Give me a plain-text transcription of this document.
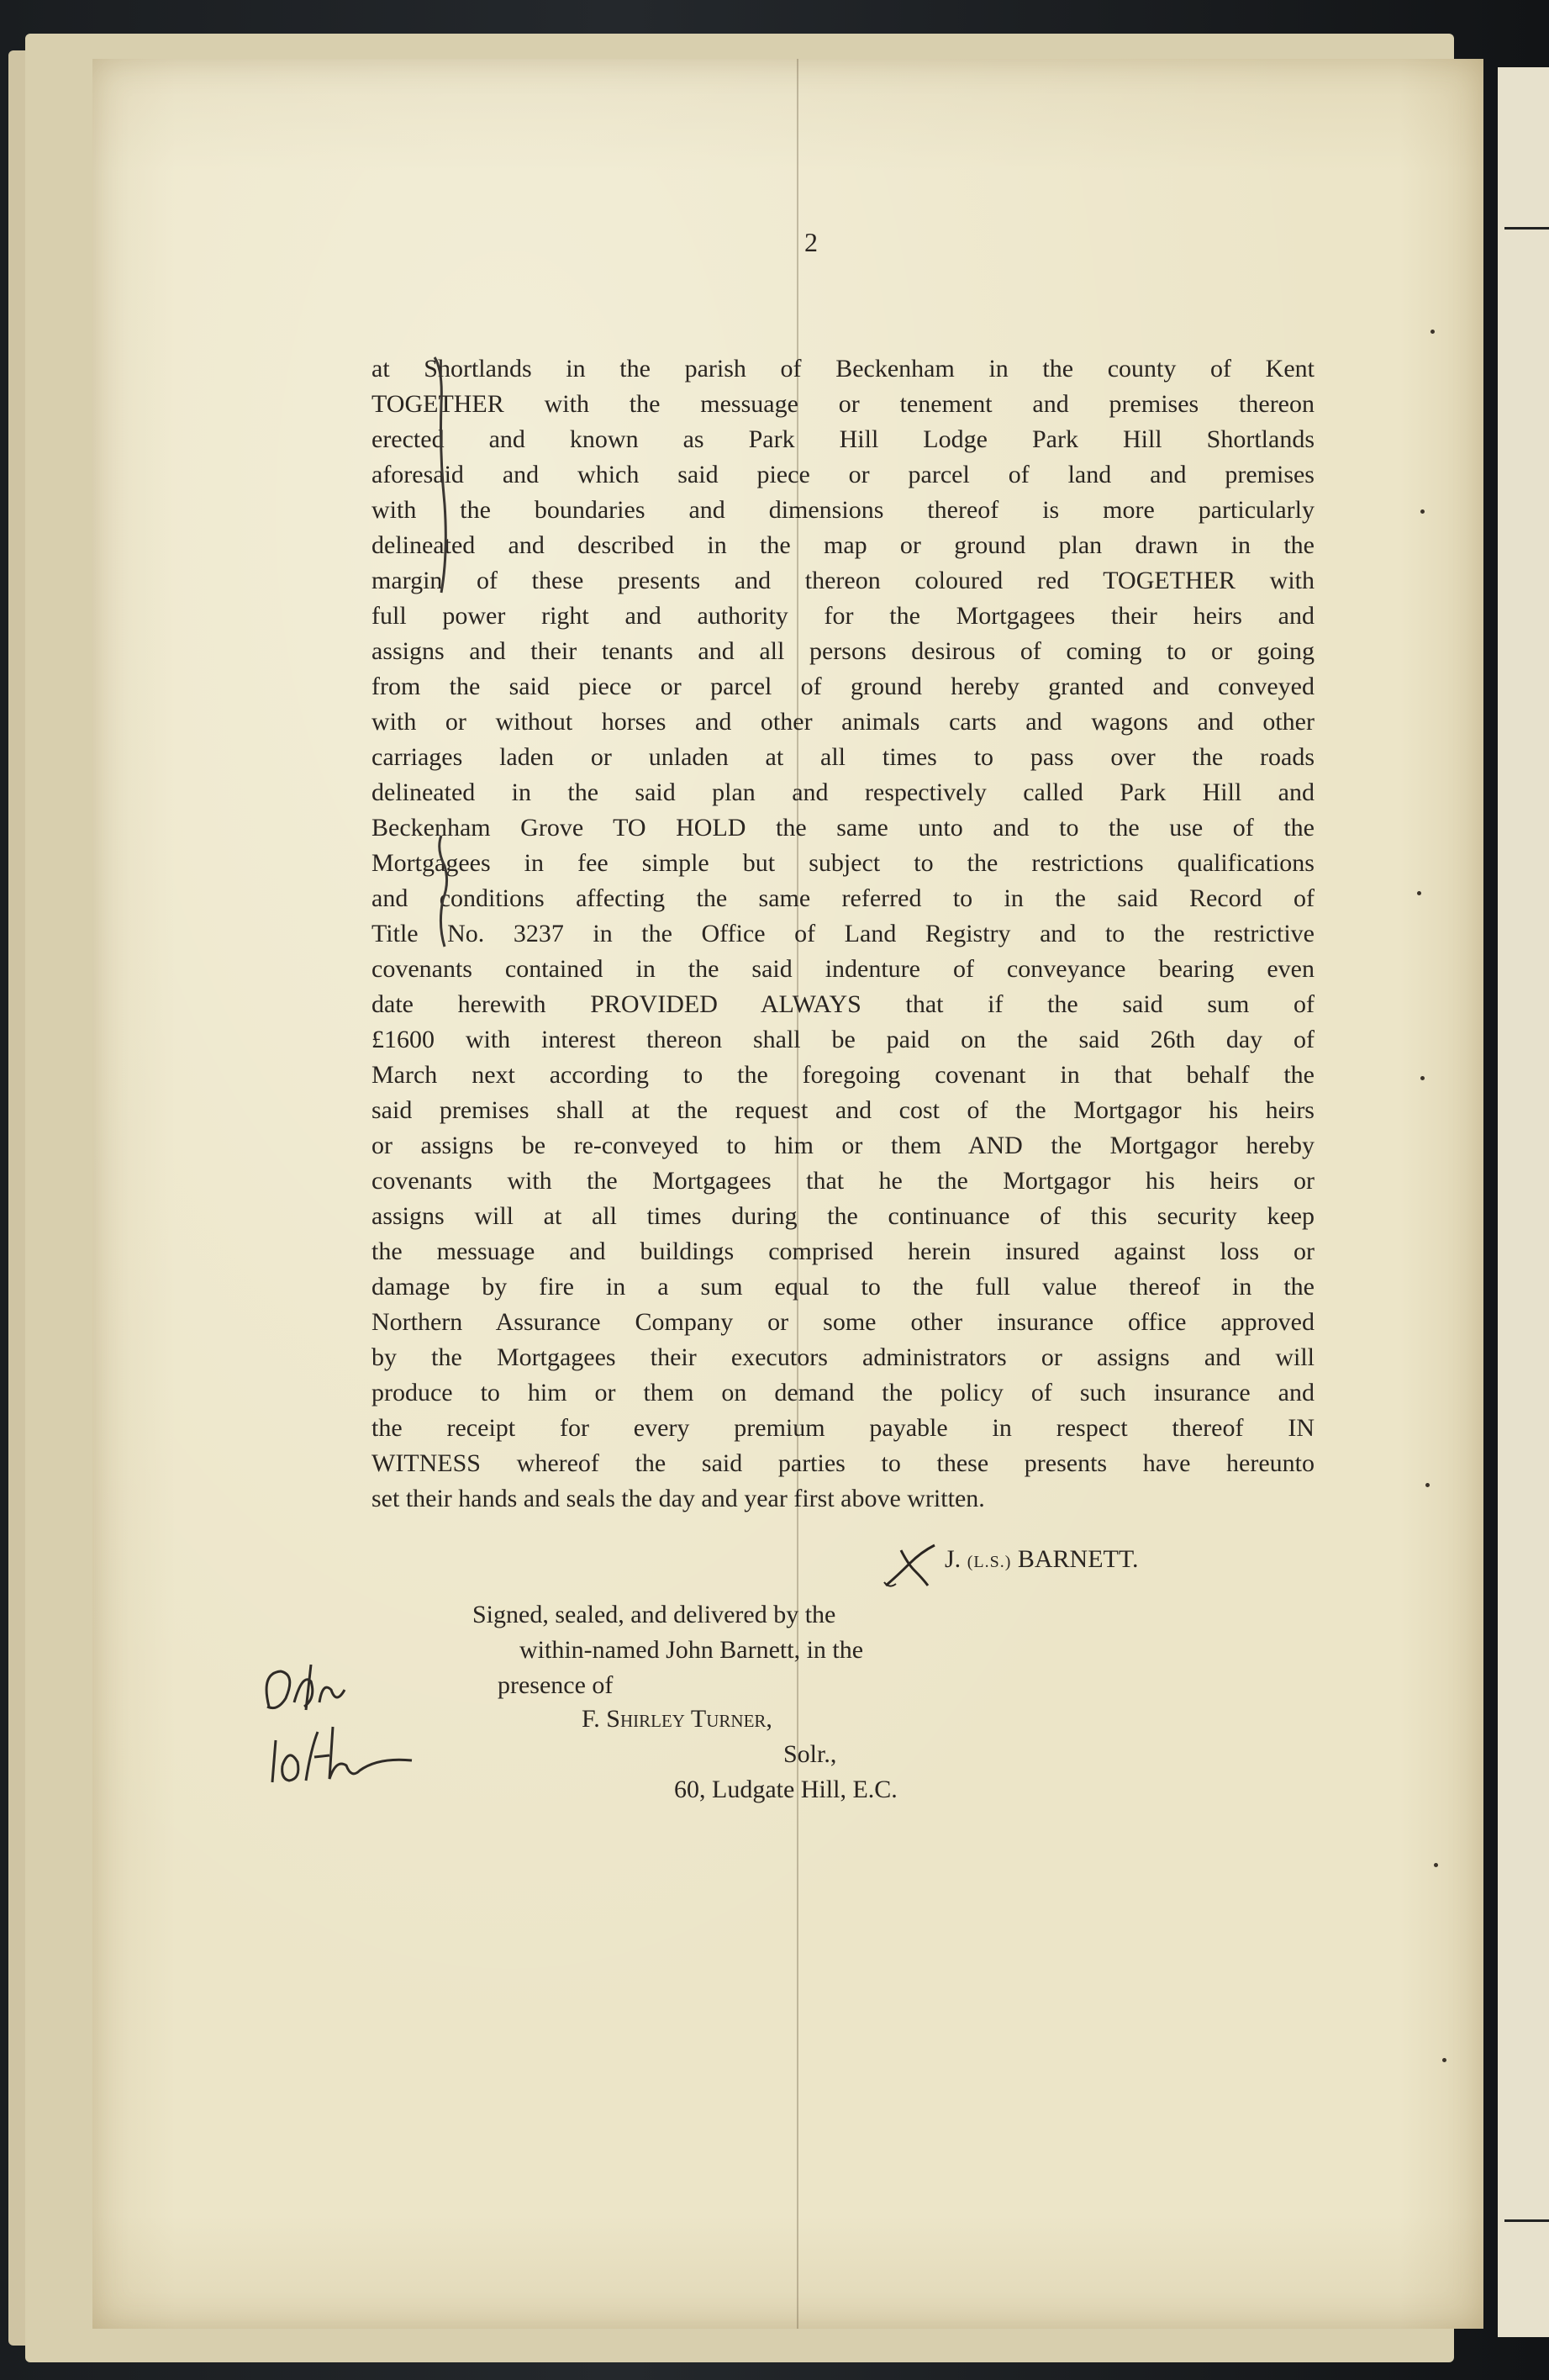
2
at Shortlands in the parish of Beckenham in the county of Kent
TOGETHER with the messuage or tenement and premises thereon
erected and known as Park Hill Lodge Park Hill Shortlands
aforesaid and which said piece or parcel of land and premises
with the boundaries and dimensions thereof is more particularly
delineated and described in the map or ground plan drawn in the
margin of these presents and thereon coloured red TOGETHER with
full power right and authority for the Mortgagees their heirs and
assigns and their tenants and all persons desirous of coming to or going
from the said piece or parcel of ground hereby granted and conveyed
with or without horses and other animals carts and wagons and other
carriages laden or unladen at all times to pass over the roads
delineated in the said plan and respectively called Park Hill and
Beckenham Grove TO HOLD the same unto and to the use of the
Mortgagees in fee simple but subject to the restrictions qualifications
and conditions affecting the same referred to in the said Record of
Title No. 3237 in the Office of Land Registry and to the restrictive
covenants contained in the said indenture of conveyance bearing even
date herewith PROVIDED ALWAYS that if the said sum of
£1600 with interest thereon shall be paid on the said 26th day of
March next according to the foregoing covenant in that behalf the
said premises shall at the request and cost of the Mortgagor his heirs
or assigns be re-conveyed to him or them AND the Mortgagor hereby
covenants with the Mortgagees that he the Mortgagor his heirs or
assigns will at all times during the continuance of this security keep
the messuage and buildings comprised herein insured against loss or
damage by fire in a sum equal to the full value thereof in the
Northern Assurance Company or some other insurance office approved
by the Mortgagees their executors administrators or assigns and will
produce to him or them on demand the policy of such insurance and
the receipt for every premium payable in respect thereof IN
WITNESS whereof the said parties to these presents have hereunto
set their hands and seals the day and year first above written.
J. (L.S.) BARNETT.
Signed, sealed, and delivered by the
within-named John Barnett, in the
presence of
F. Shirley Turner,
Solr.,
60, Ludgate Hill, E.C.
